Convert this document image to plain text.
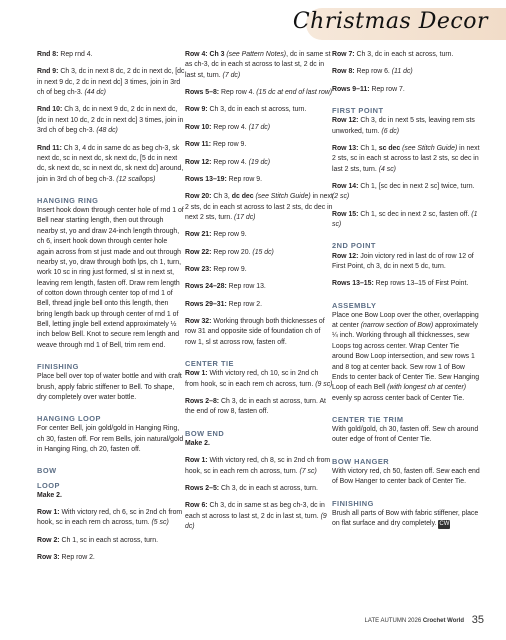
Christmas Decor

Rnd 8: Rep rnd 4.

Rnd 9: Ch 3, dc in next 8 dc, 2 dc in next dc, [dc in next 9 dc, 2 dc in next dc] 3 times, join in 3rd ch of beg ch-3. (44 dc)

Rnd 10: Ch 3, dc in next 9 dc, 2 dc in next dc, [dc in next 10 dc, 2 dc in next dc] 3 times, join in 3rd ch of beg ch-3. (48 dc)

Rnd 11: Ch 3, 4 dc in same dc as beg ch-3, sk next dc, sc in next dc, sk next dc, [5 dc in next dc, sk next dc, sc in next dc, sk next dc] around, join in 3rd ch of beg ch-3. (12 scallops)

HANGING RING

Insert hook down through center hole of rnd 1 of Bell near starting length, then out through nearby st, yo and draw 24-inch length through, ch 6, insert hook down through center hole again across from st just made and out through nearby st, yo, draw through both lps, ch 1, turn, work 10 sc in ring just formed, sl st in next st, leaving rem length, fasten off. Draw rem length of cotton down through center top of rnd 1 of Bell, thread jingle bell onto this length, then bring length back up through center of rnd 1 of Bell, letting jingle bell extend approximately ½ inch below Bell. Knot to secure rem length and weave through rnd 1 of Bell, trim rem end.

FINISHING

Place bell over top of water bottle and with craft brush, apply fabric stiffener to Bell. To shape, dry completely over water bottle.

HANGING LOOP

For center Bell, join gold/gold in Hanging Ring, ch 30, fasten off. For rem Bells, join natural/gold in Hanging Ring, ch 20, fasten off.

BOW
LOOP

Make 2.

Row 1: With victory red, ch 6, sc in 2nd ch from hook, sc in each rem ch across, turn. (5 sc)

Row 2: Ch 1, sc in each st across, turn.

Row 3: Rep row 2.

Row 4: Ch 3 (see Pattern Notes), dc in same st as ch-3, dc in each st across to last st, 2 dc in last st, turn. (7 dc)

Rows 5–8: Rep row 4. (15 dc at end of last row)

Row 9: Ch 3, dc in each st across, turn.

Row 10: Rep row 4. (17 dc)

Row 11: Rep row 9.

Row 12: Rep row 4. (19 dc)

Rows 13–19: Rep row 9.

Row 20: Ch 3, dc dec (see Stitch Guide) in next 2 sts, dc in each st across to last 2 sts, dc dec in next 2 sts, turn. (17 dc)

Row 21: Rep row 9.

Row 22: Rep row 20. (15 dc)

Row 23: Rep row 9.

Rows 24–28: Rep row 13.

Rows 29–31: Rep row 2.

Row 32: Working through both thicknesses of row 31 and opposite side of foundation ch of row 1, sl st across row, fasten off.

CENTER TIE

Row 1: With victory red, ch 10, sc in 2nd ch from hook, sc in each rem ch across, turn. (9 sc)

Rows 2–8: Ch 3, dc in each st across, turn. At the end of row 8, fasten off.

BOW END

Make 2.

Row 1: With victory red, ch 8, sc in 2nd ch from hook, sc in each rem ch across, turn. (7 sc)

Rows 2–5: Ch 3, dc in each st across, turn.

Row 6: Ch 3, dc in same st as beg ch-3, dc in each st across to last st, 2 dc in last st, turn. (9 dc)

Row 7: Ch 3, dc in each st across, turn.

Row 8: Rep row 6. (11 dc)

Rows 9–11: Rep row 7.

FIRST POINT

Row 12: Ch 3, dc in next 5 sts, leaving rem sts unworked, turn. (6 dc)

Row 13: Ch 1, sc dec (see Stitch Guide) in next 2 sts, sc in each st across to last 2 sts, sc dec in last 2 sts, turn. (4 sc)

Row 14: Ch 1, [sc dec in next 2 sc] twice, turn. (2 sc)

Row 15: Ch 1, sc dec in next 2 sc, fasten off. (1 sc)

2ND POINT

Row 12: Join victory red in last dc of row 12 of First Point, ch 3, dc in next 5 dc, turn.

Rows 13–15: Rep rows 13–15 of First Point.

ASSEMBLY

Place one Bow Loop over the other, overlapping at center (narrow section of Bow) approximately ¼ inch. Working through all thicknesses, sew Loops tog across center. Wrap Center Tie around Bow Loop intersection, and sew rows 1 and 8 tog at center back. Sew row 1 of Bow Ends to center back of Center Tie. Sew Hanging Loop of each Bell (with longest ch at center) evenly sp across center back of Center Tie.

CENTER TIE TRIM

With gold/gold, ch 30, fasten off. Sew ch around outer edge of front of Center Tie.

BOW HANGER

With victory red, ch 50, fasten off. Sew each end of Bow Hanger to center back of Center Tie.

FINISHING

Brush all parts of Bow with fabric stiffener, place on flat surface and dry completely. CW

LATE AUTUMN 2026 Crochet World 35
